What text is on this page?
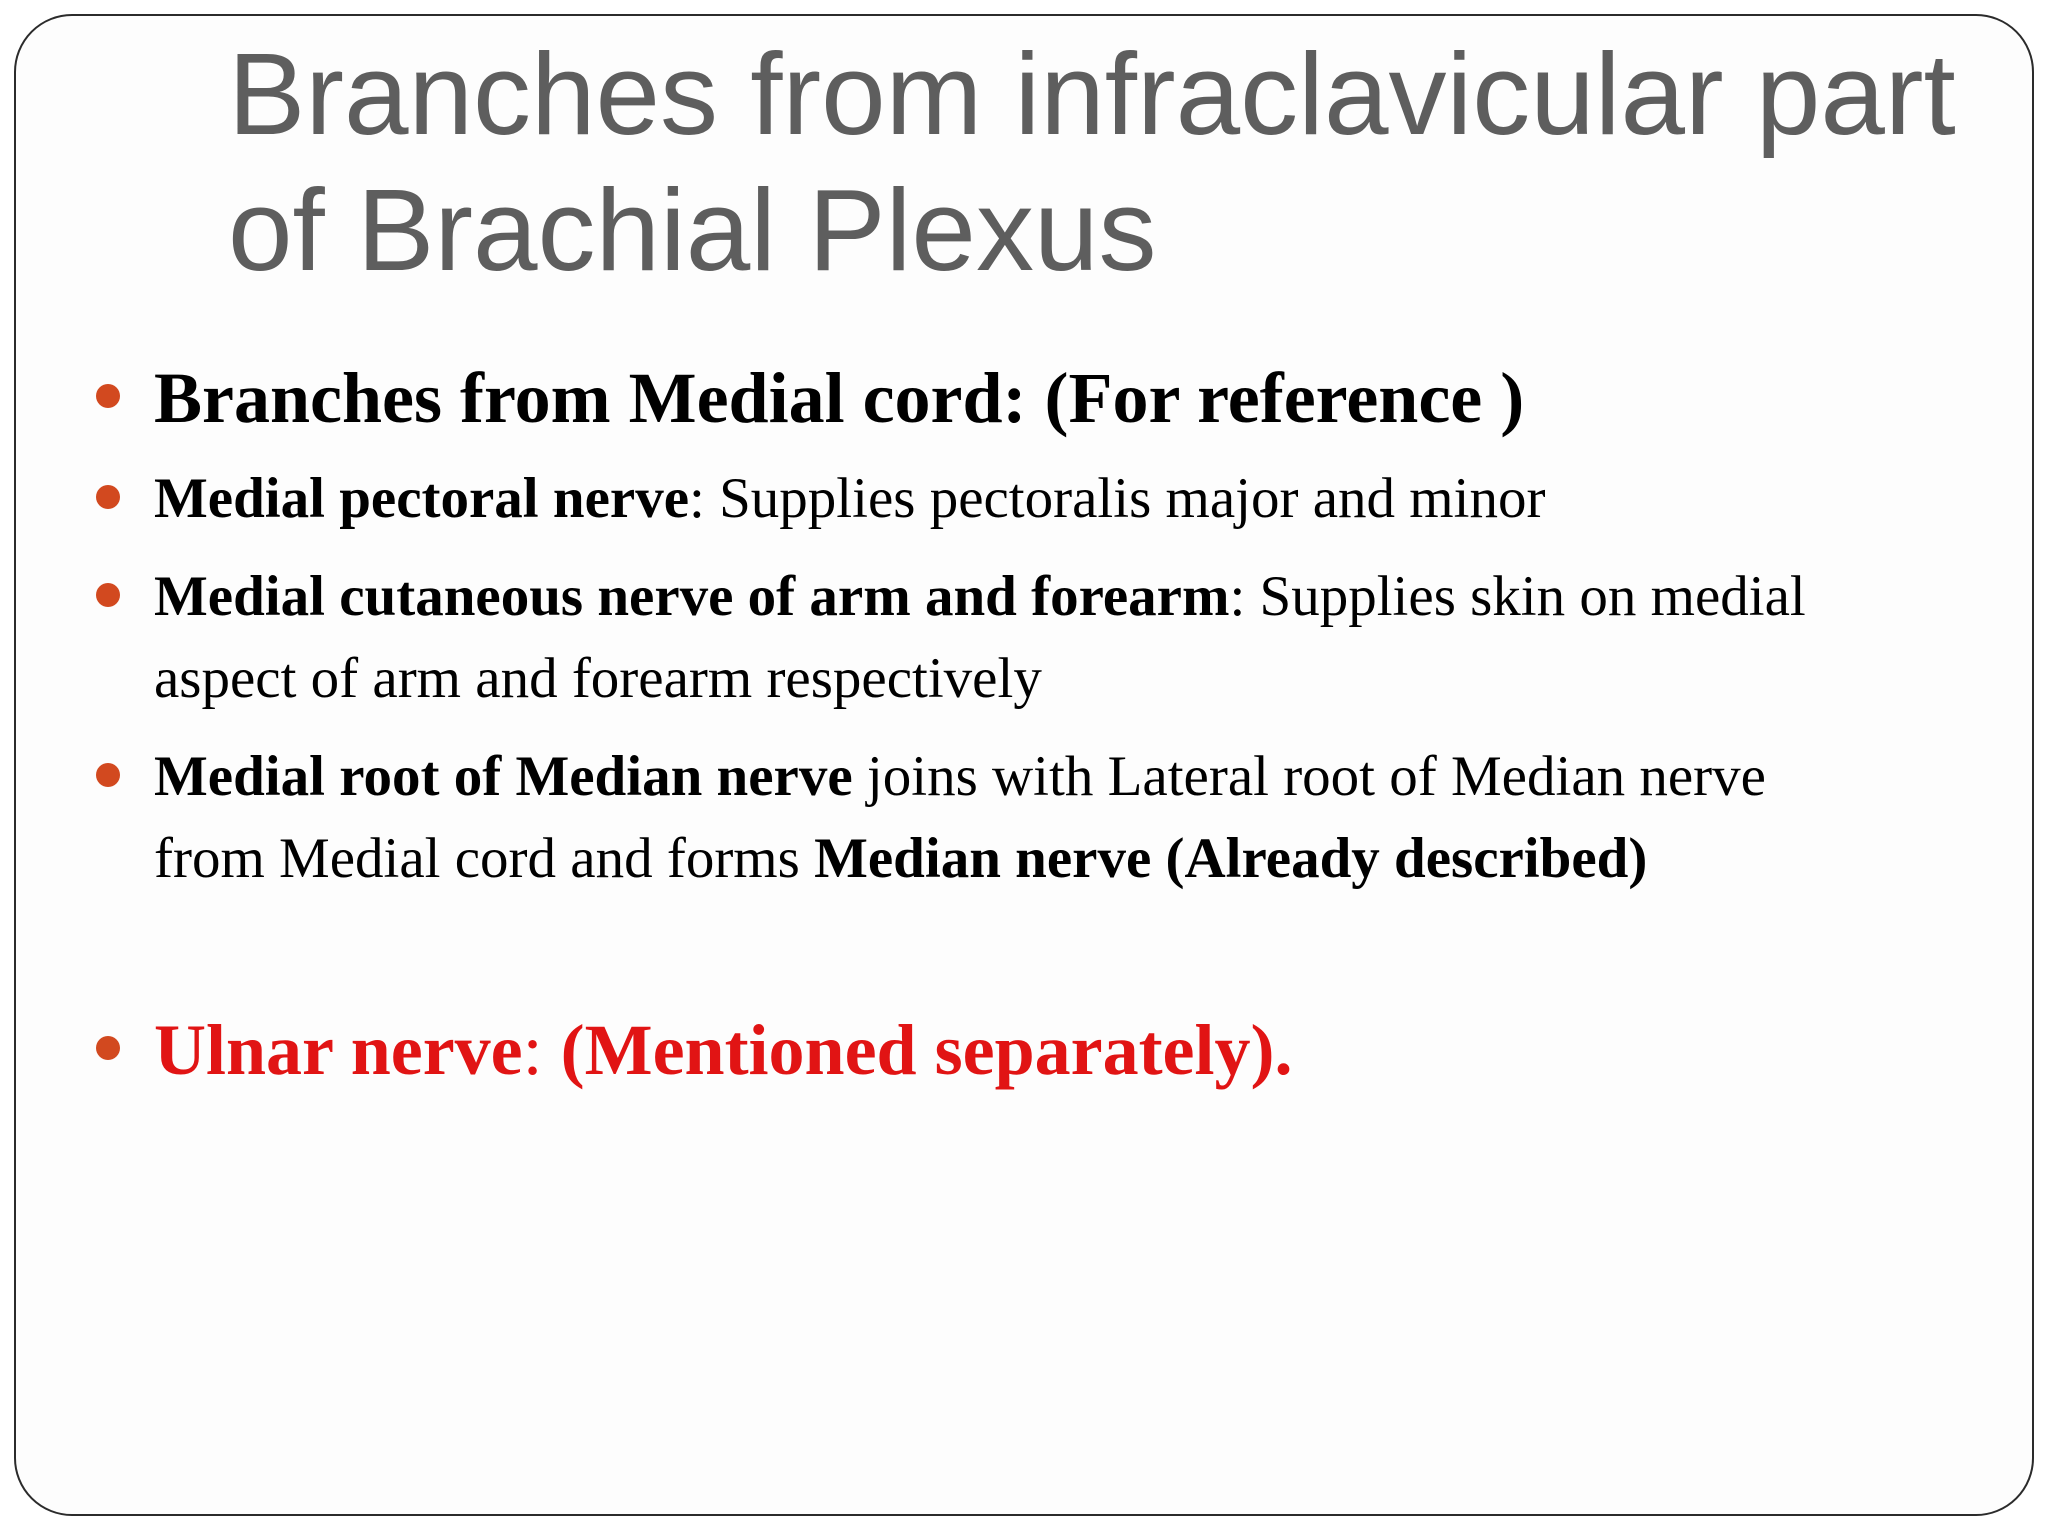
Branches from infraclavicular part of Brachial Plexus
Branches from Medial cord: (For reference )
Medial pectoral nerve: Supplies pectoralis major and minor
Medial cutaneous nerve of arm and forearm: Supplies skin on medial aspect of arm and forearm respectively
Medial root of Median nerve joins with Lateral root of Median nerve from Medial cord and forms Median nerve (Already described)
Ulnar nerve: (Mentioned separately).
